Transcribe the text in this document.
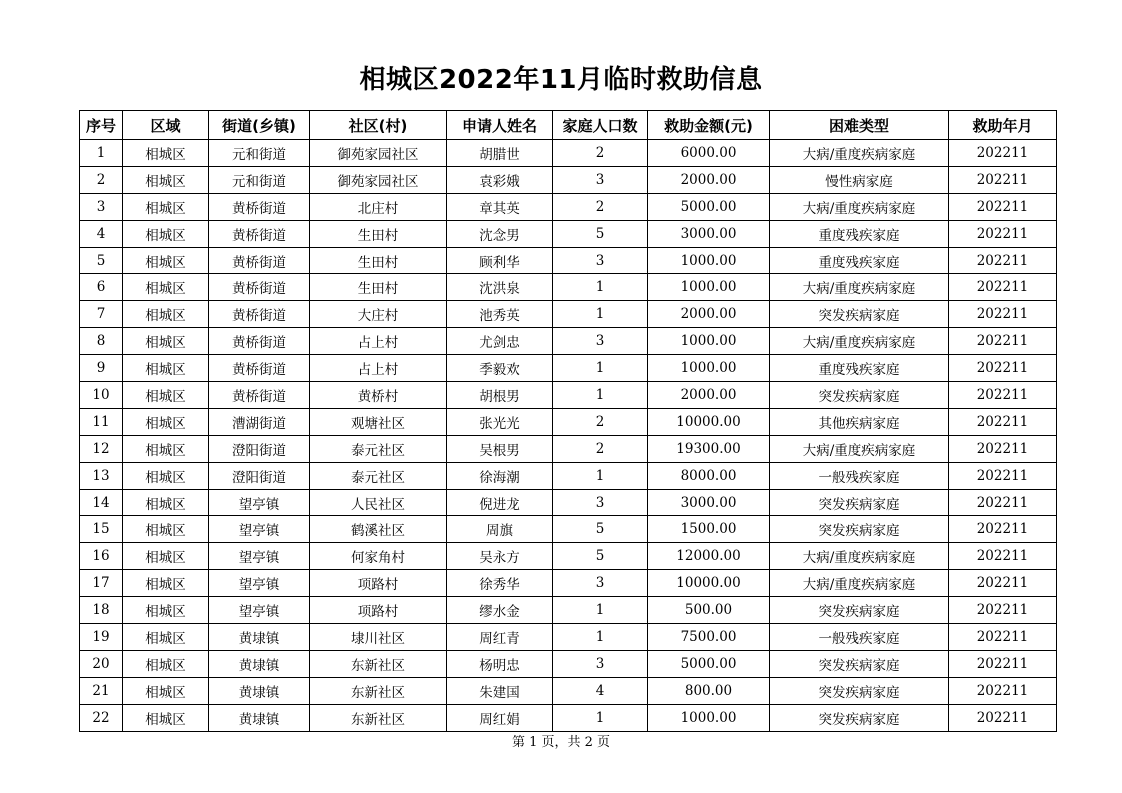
相城区2022年11月临时救助信息
序号	区域	街道(乡镇)	社区(村)	申请人姓名	家庭人口数	救助金额(元)	困难类型	救助年月
1	相城区	元和街道	御苑家园社区	胡腊世	2	6000.00	大病/重度疾病家庭	202211
2	相城区	元和街道	御苑家园社区	袁彩娥	3	2000.00	慢性病家庭	202211
3	相城区	黄桥街道	北庄村	章其英	2	5000.00	大病/重度疾病家庭	202211
4	相城区	黄桥街道	生田村	沈念男	5	3000.00	重度残疾家庭	202211
5	相城区	黄桥街道	生田村	顾利华	3	1000.00	重度残疾家庭	202211
6	相城区	黄桥街道	生田村	沈洪泉	1	1000.00	大病/重度疾病家庭	202211
7	相城区	黄桥街道	大庄村	池秀英	1	2000.00	突发疾病家庭	202211
8	相城区	黄桥街道	占上村	尤剑忠	3	1000.00	大病/重度疾病家庭	202211
9	相城区	黄桥街道	占上村	季毅欢	1	1000.00	重度残疾家庭	202211
10	相城区	黄桥街道	黄桥村	胡根男	1	2000.00	突发疾病家庭	202211
11	相城区	漕湖街道	观塘社区	张光光	2	10000.00	其他疾病家庭	202211
12	相城区	澄阳街道	泰元社区	吴根男	2	19300.00	大病/重度疾病家庭	202211
13	相城区	澄阳街道	泰元社区	徐海潮	1	8000.00	一般残疾家庭	202211
14	相城区	望亭镇	人民社区	倪进龙	3	3000.00	突发疾病家庭	202211
15	相城区	望亭镇	鹤溪社区	周旗	5	1500.00	突发疾病家庭	202211
16	相城区	望亭镇	何家角村	吴永方	5	12000.00	大病/重度疾病家庭	202211
17	相城区	望亭镇	项路村	徐秀华	3	10000.00	大病/重度疾病家庭	202211
18	相城区	望亭镇	项路村	缪水金	1	500.00	突发疾病家庭	202211
19	相城区	黄埭镇	埭川社区	周红青	1	7500.00	一般残疾家庭	202211
20	相城区	黄埭镇	东新社区	杨明忠	3	5000.00	突发疾病家庭	202211
21	相城区	黄埭镇	东新社区	朱建国	4	800.00	突发疾病家庭	202211
22	相城区	黄埭镇	东新社区	周红娟	1	1000.00	突发疾病家庭	202211
第 1 页，共 2 页
